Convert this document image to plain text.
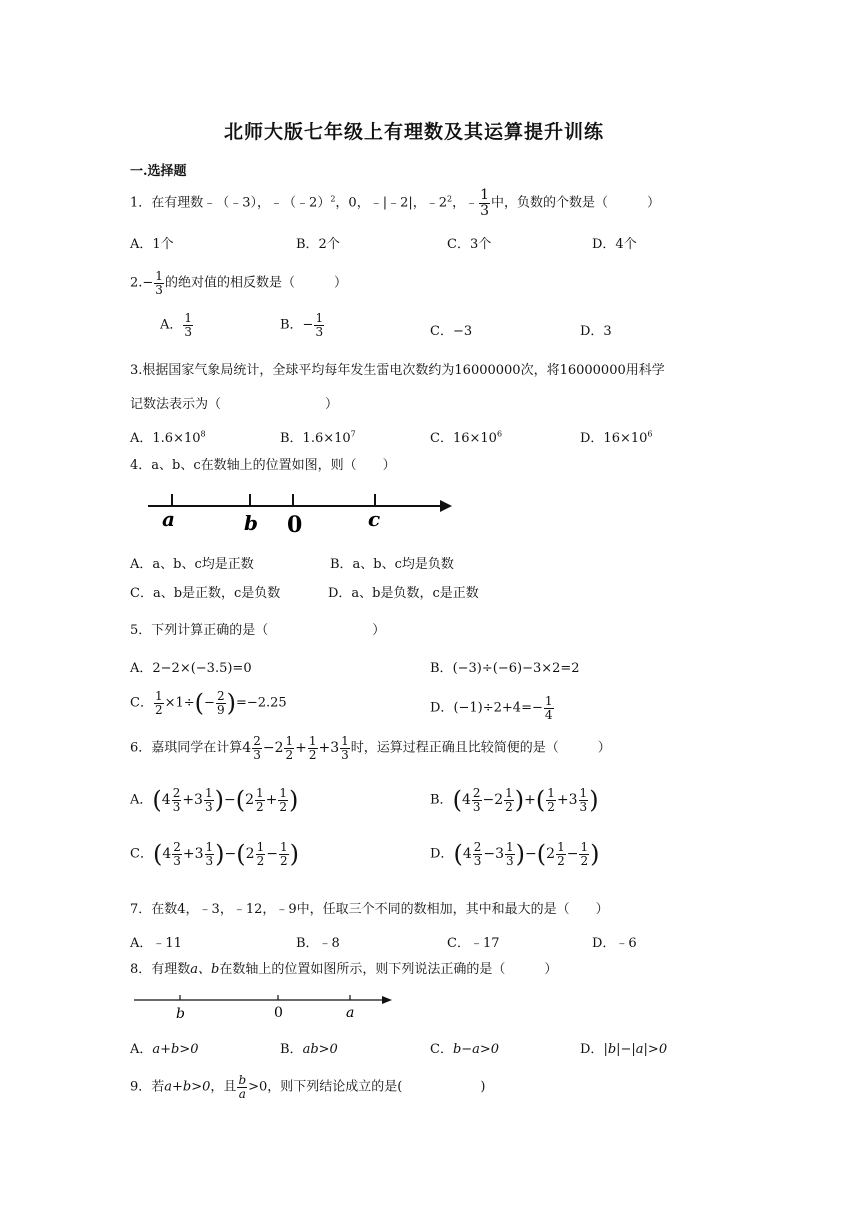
北师大版七年级上有理数及其运算提升训练
一.选择题
1．在有理数﹣（﹣3），﹣（﹣2）$^2$，0，﹣|﹣2|，$﹣2^2$，﹣ $\frac{1}{3}$ 中，负数的个数是（　　　）
A．1个	B．2个	C．3个	D．4个
$2.- \frac{1}{3}$ 的绝对值的相反数是（　　　）
A． $\frac{1}{3}$	B．− $\frac{1}{3}$	C．−3	D．3
3.根据国家气象局统计，全球平均每年发生雷电次数约为16000000次，将16000000用科学
记数法表示为（　　　　　　　　）
A．$1.6\times 10^8$	B．$1.6\times 10^7$	C．$16\times 10^6$	D．$16\times 10^6$
4．a、b、c在数轴上的位置如图，则（　　）
a	b 0	c
A．a、b、c均是正数	B．a、b、c均是负数
C．a、b是正数，c是负数	D．a、b是负数，c是正数
5．下列计算正确的是（　　　　　　　　）
A．2−2×(−3.5)=0	B．(−3)÷(−6)−3×2=2
C． $\frac{1}{2} \times 1\div(- \frac{2}{9} )=-2.25$	D．$(-1)\div 2+4=- \frac{1}{4}$
6．嘉琪同学在计算$4 \frac{2}{3} -2 \frac{1}{2} + \frac{1}{2} +3 \frac{1}{3}$ 时，运算过程正确且比较简便的是（　　　）
A．$(4 \frac{2}{3} +3 \frac{1}{3} )-(2 \frac{1}{2} + \frac{1}{2}$ )	B．($4 \frac{2}{3} -2 \frac{1}{2}$ )+( $\frac{1}{2} +3 \frac{1}{3}$ )
C．$(4 \frac{2}{3} +3 \frac{1}{3} )-(2 \frac{1}{2} - \frac{1}{2}$ )	D．$(4 \frac{2}{3} -3 \frac{1}{3} )-(2 \frac{1}{2} - \frac{1}{2}$ )
7．在数4，﹣3，﹣12，﹣9中，任取三个不同的数相加，其中和最大的是（　　）
A．﹣11	B．﹣8	C．﹣17	D．﹣6
8．有理数a、b在数轴上的位置如图所示，则下列说法正确的是（　　　）
b	0	a
A．a+b>0	B．ab>0	C．b−a>0	D．|b|−|a|>0
9．若a+b>0，且 $\frac{b}{a} >0$，则下列结论成立的是(　　　　　　)
